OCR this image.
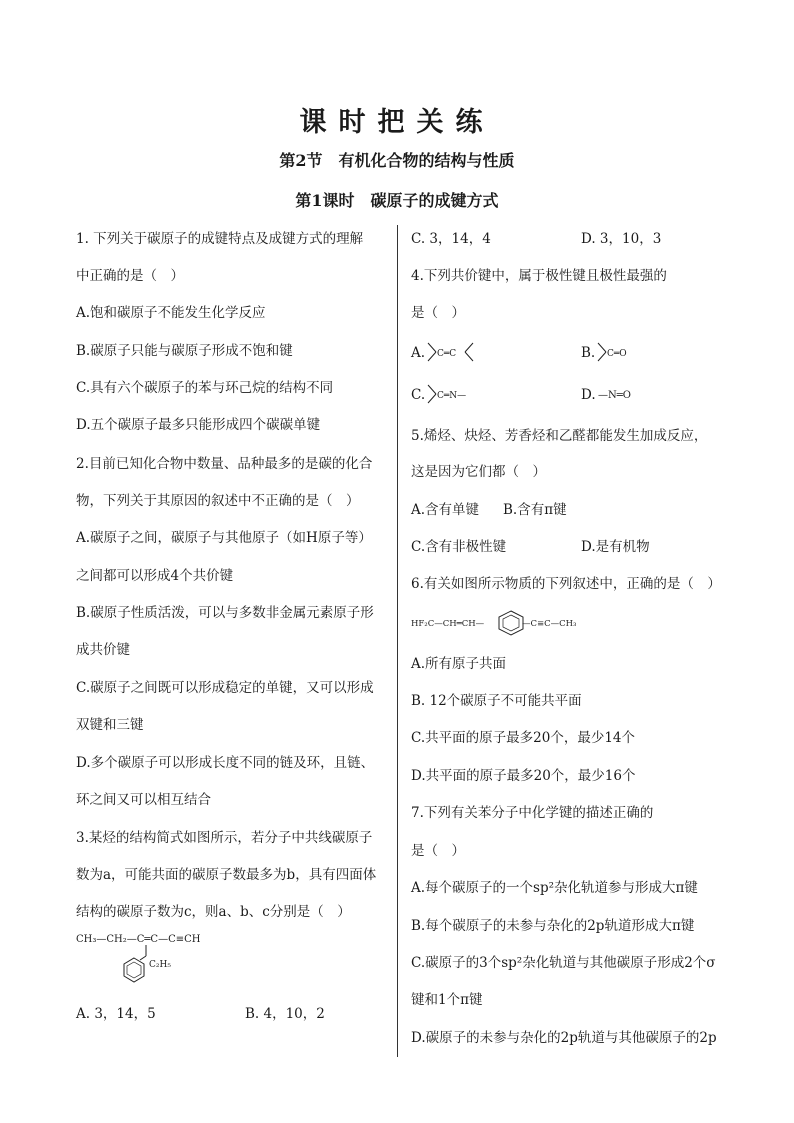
课时把关练
第2节　有机化合物的结构与性质
第1课时　碳原子的成键方式
1. 下列关于碳原子的成键特点及成键方式的理解
中正确的是（　）
A.饱和碳原子不能发生化学反应
B.碳原子只能与碳原子形成不饱和键
C.具有六个碳原子的苯与环己烷的结构不同
D.五个碳原子最多只能形成四个碳碳单键
2.目前已知化合物中数量、品种最多的是碳的化合
物，下列关于其原因的叙述中不正确的是（　）
A.碳原子之间，碳原子与其他原子（如H原子等）
之间都可以形成4个共价键
B.碳原子性质活泼，可以与多数非金属元素原子形
成共价键
C.碳原子之间既可以形成稳定的单键，又可以形成
双键和三键
D.多个碳原子可以形成长度不同的链及环，且链、
环之间又可以相互结合
3.某烃的结构简式如图所示，若分子中共线碳原子
数为a，可能共面的碳原子数最多为b，具有四面体
结构的碳原子数为c，则a、b、c分别是（　）
CH₃—CH₂—C═C—C≡CH
C₂H₅
A. 3，14，5	B. 4，10，2
C. 3，14，4	D. 3，10，3
4.下列共价键中，属于极性键且极性最强的
是（　）
A. C═C	B. C═O
C. C═N—	D. —N═O
5.烯烃、炔烃、芳香烃和乙醛都能发生加成反应，
这是因为它们都（　）
A.含有单键 B.含有π键
C.含有非极性键	D.是有机物
6.有关如图所示物质的下列叙述中，正确的是（　）
HF₂C—CH═CH—	—C≡C—CH₃
A.所有原子共面
B. 12个碳原子不可能共平面
C.共平面的原子最多20个，最少14个
D.共平面的原子最多20个，最少16个
7.下列有关苯分子中化学键的描述正确的
是（　）
A.每个碳原子的一个sp²杂化轨道参与形成大π键
B.每个碳原子的未参与杂化的2p轨道形成大π键
C.碳原子的3个sp²杂化轨道与其他碳原子形成2个σ
键和1个π键
D.碳原子的未参与杂化的2p轨道与其他碳原子的2p
